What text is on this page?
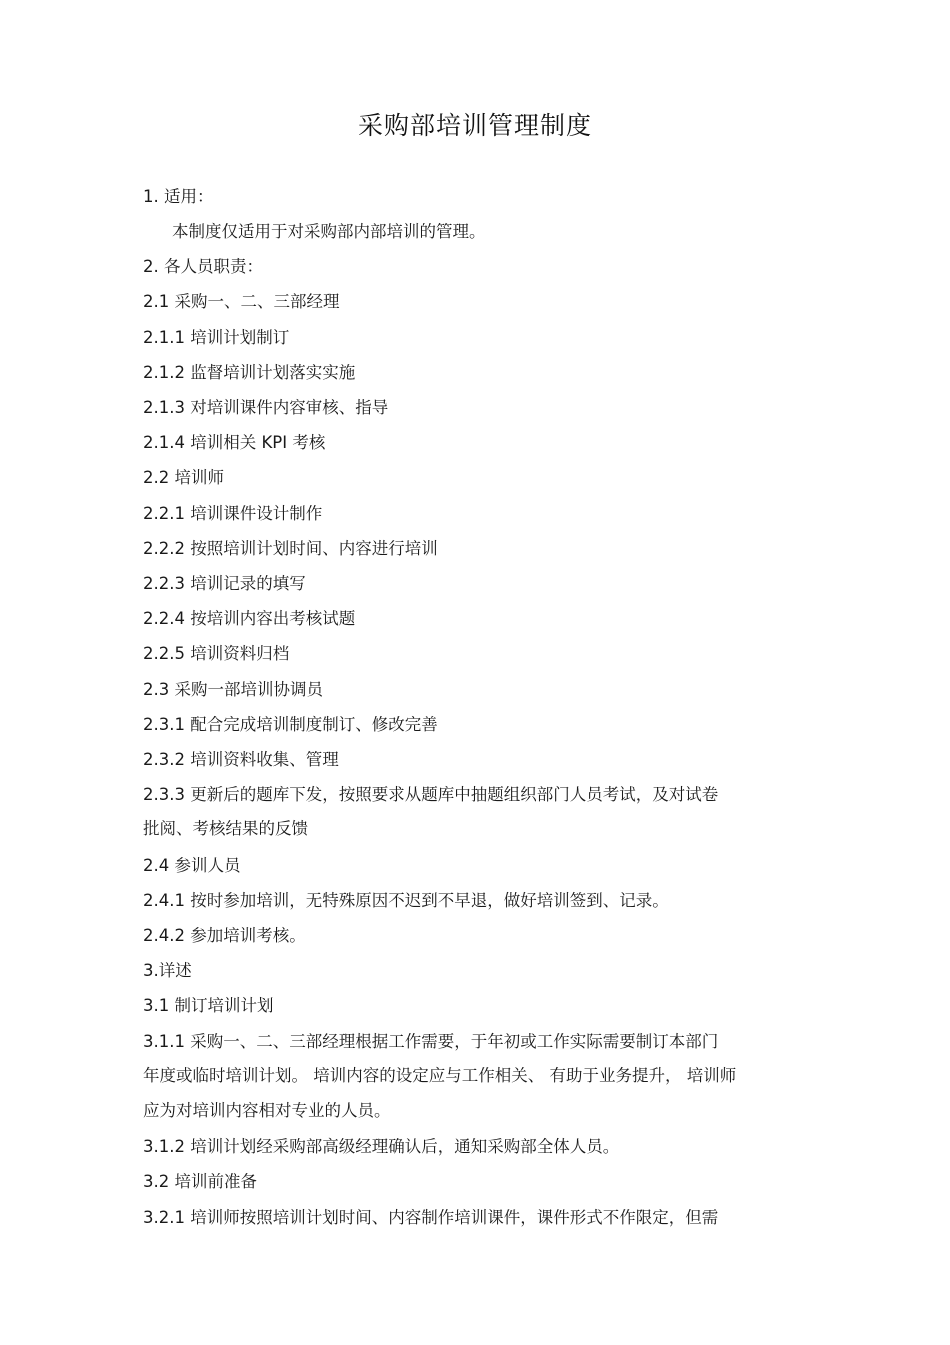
采购部培训管理制度
1. 适用：
本制度仅适用于对采购部内部培训的管理。
2. 各人员职责：
2.1 采购一、二、三部经理
2.1.1 培训计划制订
2.1.2 监督培训计划落实实施
2.1.3 对培训课件内容审核、指导
2.1.4 培训相关 KPI 考核
2.2 培训师
2.2.1 培训课件设计制作
2.2.2 按照培训计划时间、内容进行培训
2.2.3 培训记录的填写
2.2.4 按培训内容出考核试题
2.2.5 培训资料归档
2.3 采购一部培训协调员
2.3.1 配合完成培训制度制订、修改完善
2.3.2 培训资料收集、管理
2.3.3 更新后的题库下发，按照要求从题库中抽题组织部门人员考试，及对试卷
批阅、考核结果的反馈
2.4 参训人员
2.4.1 按时参加培训，无特殊原因不迟到不早退，做好培训签到、记录。
2.4.2 参加培训考核。
3.详述
3.1 制订培训计划
3.1.1 采购一、二、三部经理根据工作需要，于年初或工作实际需要制订本部门
年度或临时培训计划。 培训内容的设定应与工作相关、 有助于业务提升， 培训师
应为对培训内容相对专业的人员。
3.1.2 培训计划经采购部高级经理确认后，通知采购部全体人员。
3.2 培训前准备
3.2.1 培训师按照培训计划时间、内容制作培训课件，课件形式不作限定，但需
